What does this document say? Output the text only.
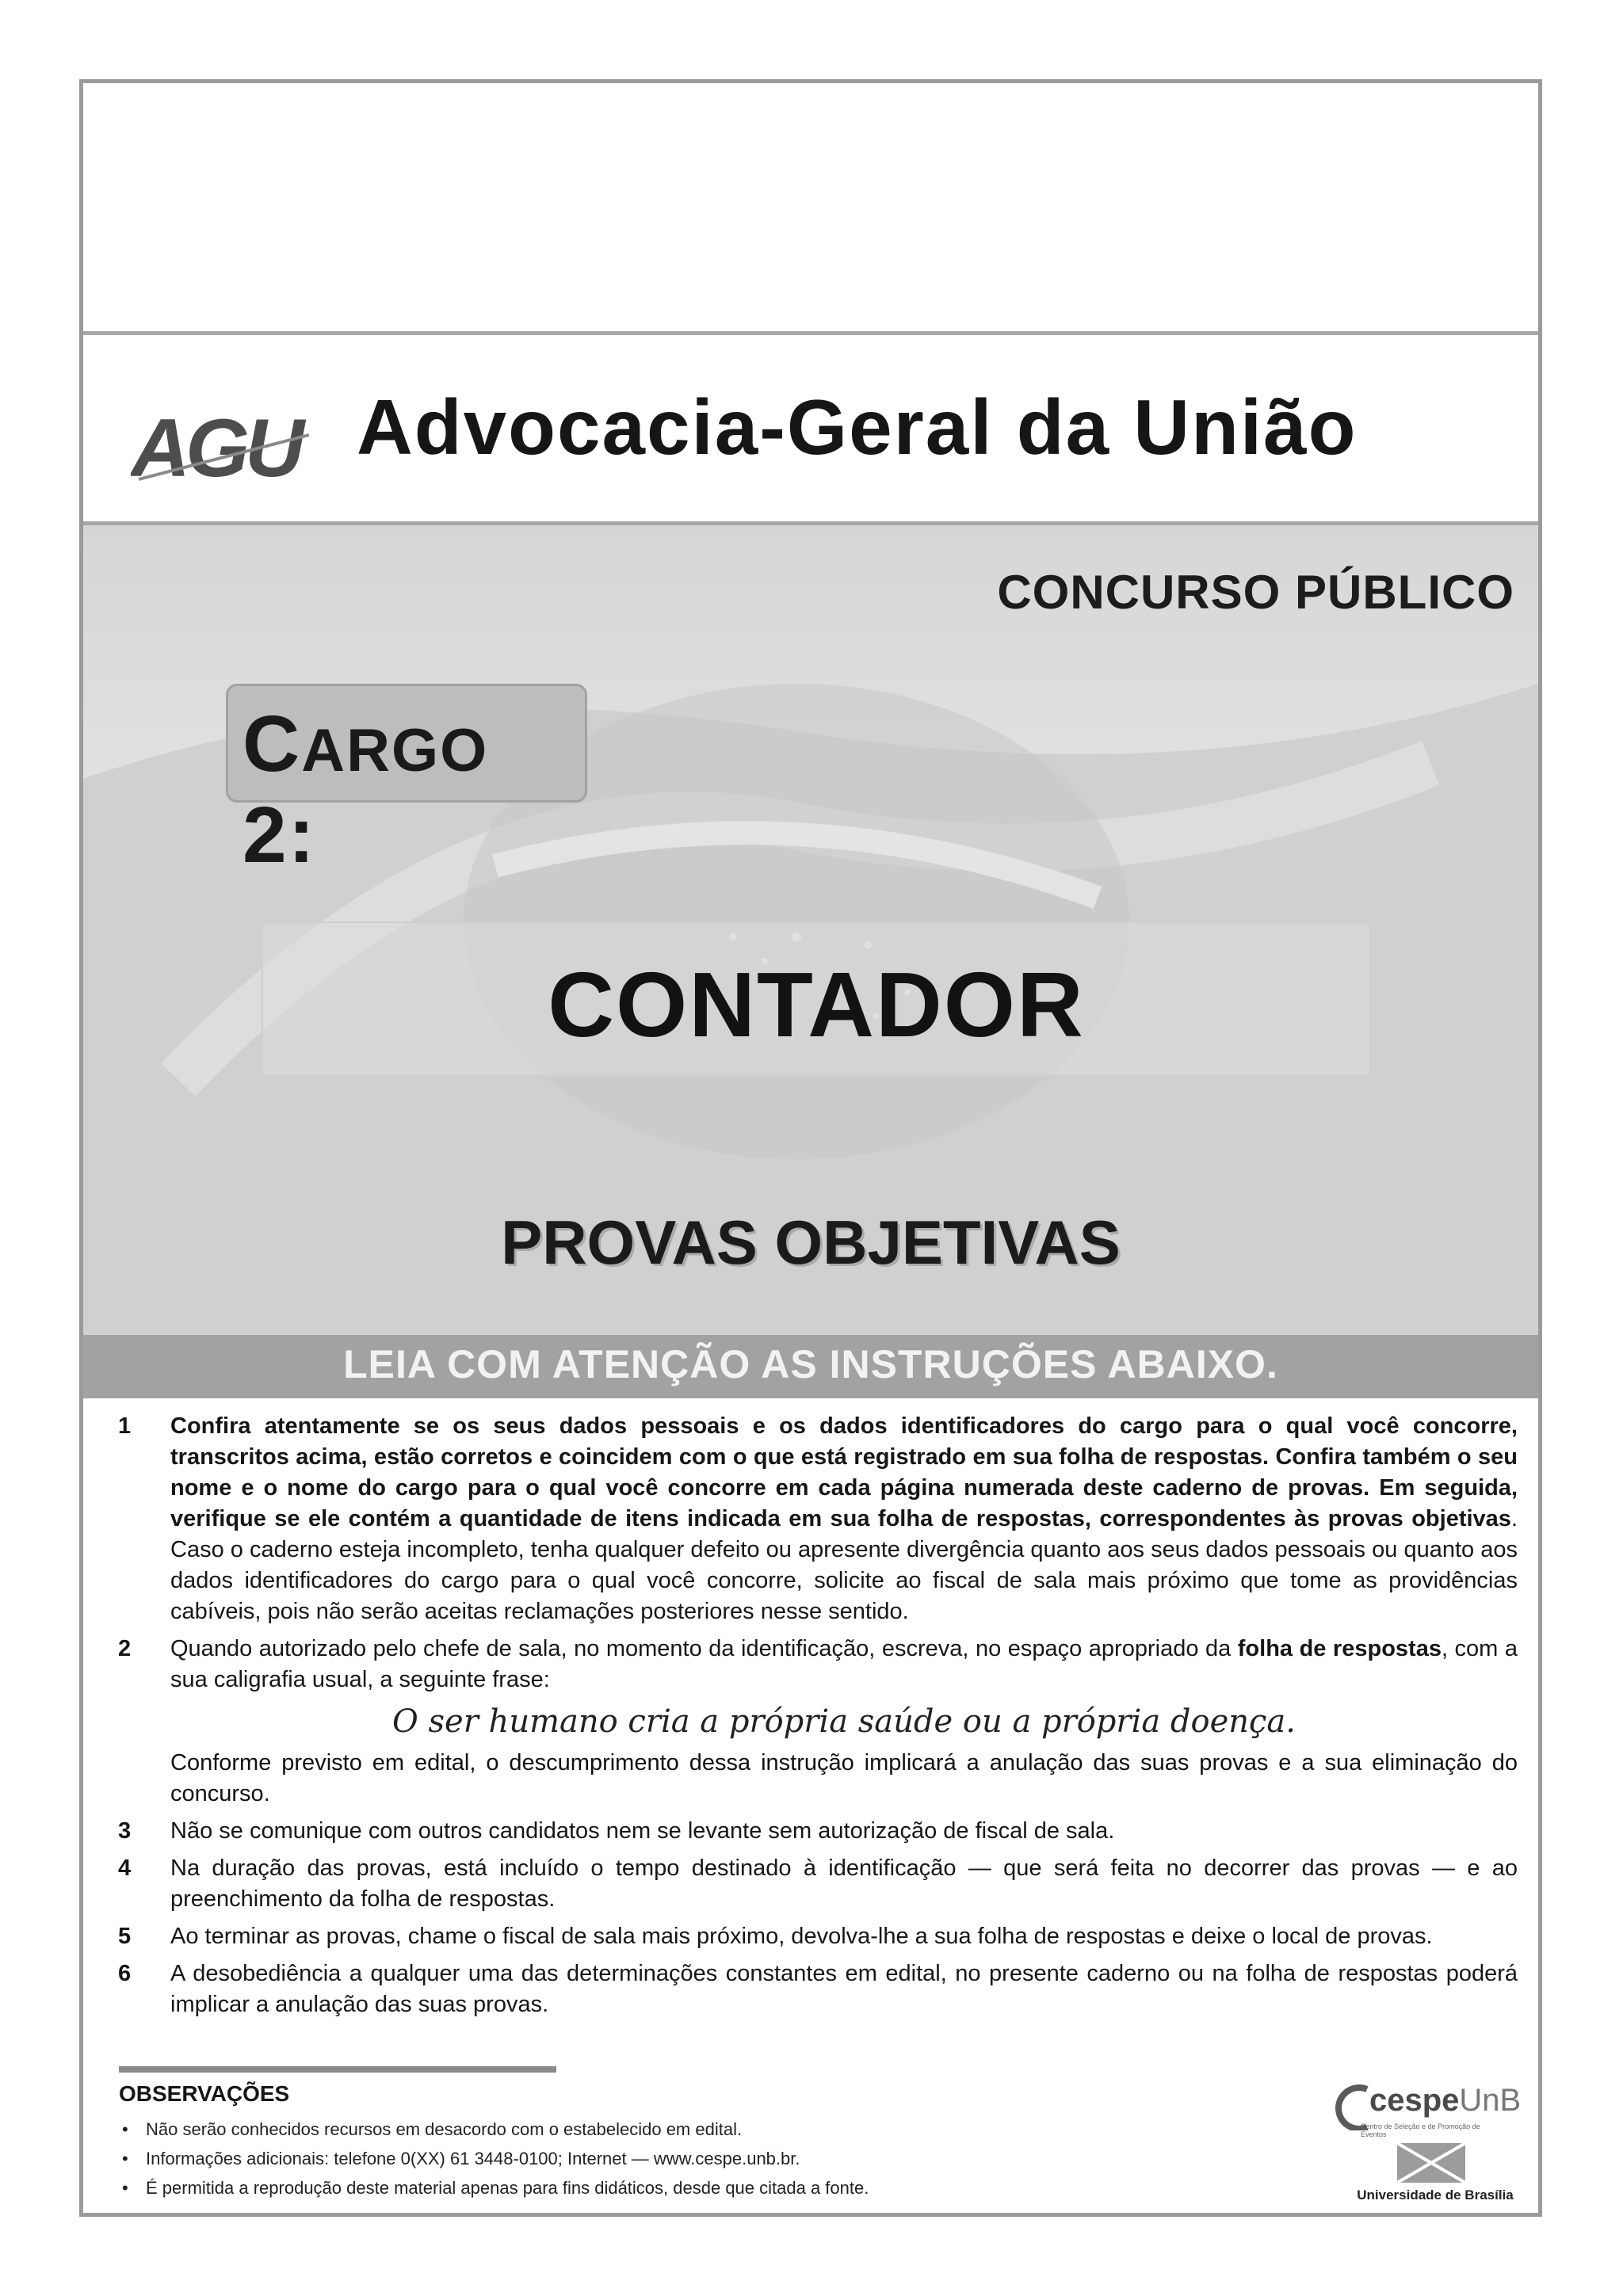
AGU Advocacia-Geral da União
CONCURSO PÚBLICO
CARGO 2:
CONTADOR
PROVAS OBJETIVAS
LEIA COM ATENÇÃO AS INSTRUÇÕES ABAIXO.
1 Confira atentamente se os seus dados pessoais e os dados identificadores do cargo para o qual você concorre, transcritos acima, estão corretos e coincidem com o que está registrado em sua folha de respostas. Confira também o seu nome e o nome do cargo para o qual você concorre em cada página numerada deste caderno de provas. Em seguida, verifique se ele contém a quantidade de itens indicada em sua folha de respostas, correspondentes às provas objetivas. Caso o caderno esteja incompleto, tenha qualquer defeito ou apresente divergência quanto aos seus dados pessoais ou quanto aos dados identificadores do cargo para o qual você concorre, solicite ao fiscal de sala mais próximo que tome as providências cabíveis, pois não serão aceitas reclamações posteriores nesse sentido.
2 Quando autorizado pelo chefe de sala, no momento da identificação, escreva, no espaço apropriado da folha de respostas, com a sua caligrafia usual, a seguinte frase:
O ser humano cria a própria saúde ou a própria doença.
Conforme previsto em edital, o descumprimento dessa instrução implicará a anulação das suas provas e a sua eliminação do concurso.
3 Não se comunique com outros candidatos nem se levante sem autorização de fiscal de sala.
4 Na duração das provas, está incluído o tempo destinado à identificação — que será feita no decorrer das provas — e ao preenchimento da folha de respostas.
5 Ao terminar as provas, chame o fiscal de sala mais próximo, devolva-lhe a sua folha de respostas e deixe o local de provas.
6 A desobediência a qualquer uma das determinações constantes em edital, no presente caderno ou na folha de respostas poderá implicar a anulação das suas provas.
OBSERVAÇÕES
• Não serão conhecidos recursos em desacordo com o estabelecido em edital.
• Informações adicionais: telefone 0(XX) 61 3448-0100; Internet — www.cespe.unb.br.
• É permitida a reprodução deste material apenas para fins didáticos, desde que citada a fonte.
cespeUnB
Centro de Seleção e de Promoção de Eventos
Universidade de Brasília
